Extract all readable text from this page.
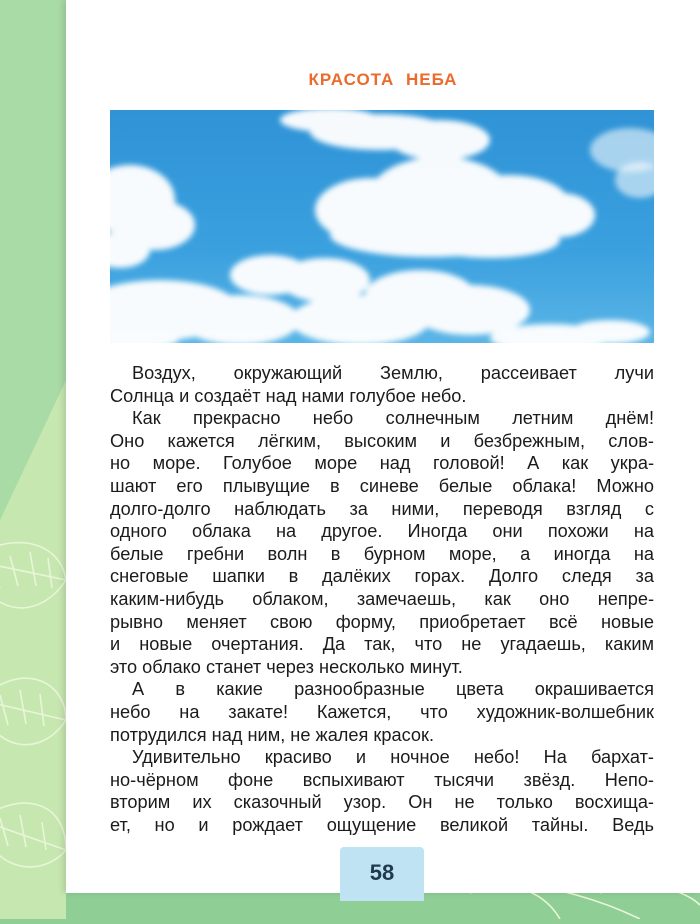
КРАСОТА НЕБА
Воздух, окружающий Землю, рассеивает лучи
Солнца и создаёт над нами голубое небо.
Как прекрасно небо солнечным летним днём!
Оно кажется лёгким, высоким и безбрежным, слов-
но море. Голубое море над головой! А как укра-
шают его плывущие в синеве белые облака! Можно
долго-долго наблюдать за ними, переводя взгляд с
одного облака на другое. Иногда они похожи на
белые гребни волн в бурном море, а иногда на
снеговые шапки в далёких горах. Долго следя за
каким-нибудь облаком, замечаешь, как оно непре-
рывно меняет свою форму, приобретает всё новые
и новые очертания. Да так, что не угадаешь, каким
это облако станет через несколько минут.
А в какие разнообразные цвета окрашивается
небо на закате! Кажется, что художник-волшебник
потрудился над ним, не жалея красок.
Удивительно красиво и ночное небо! На бархат-
но-чёрном фоне вспыхивают тысячи звёзд. Непо-
вторим их сказочный узор. Он не только восхища-
ет, но и рождает ощущение великой тайны. Ведь
58
